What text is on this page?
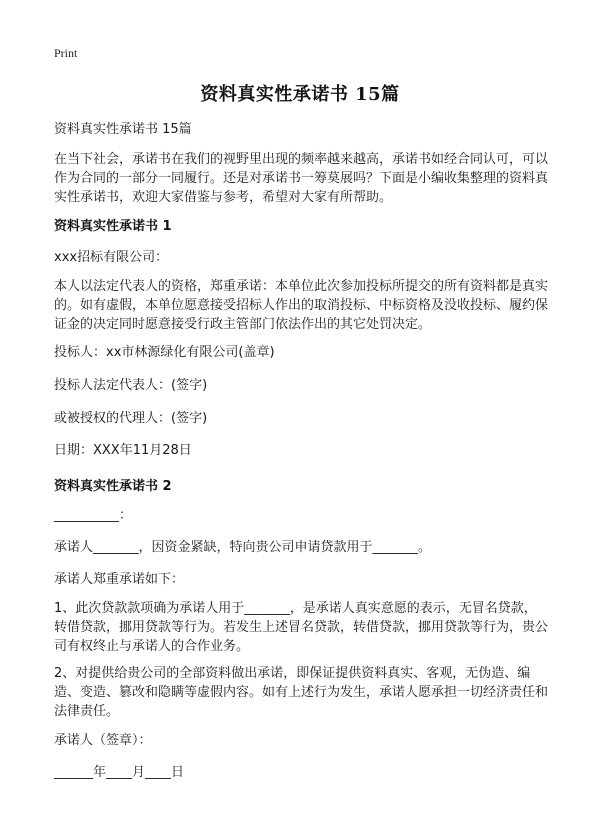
Print
资料真实性承诺书 15篇
资料真实性承诺书 15篇
在当下社会，承诺书在我们的视野里出现的频率越来越高，承诺书如经合同认可，可以作为合同的一部分一同履行。还是对承诺书一筹莫展吗？下面是小编收集整理的资料真实性承诺书，欢迎大家借鉴与参考，希望对大家有所帮助。
资料真实性承诺书 1
xxx招标有限公司：
本人以法定代表人的资格，郑重承诺：本单位此次参加投标所提交的所有资料都是真实的。如有虚假，本单位愿意接受招标人作出的取消投标、中标资格及没收投标、履约保证金的决定同时愿意接受行政主管部门依法作出的其它处罚决定。
投标人：xx市林源绿化有限公司(盖章)
投标人法定代表人：(签字)
或被授权的代理人：(签字)
日期：XXX年11月28日
资料真实性承诺书 2
__________：
承诺人_______，因资金紧缺，特向贵公司申请贷款用于_______。
承诺人郑重承诺如下：
1、此次贷款款项确为承诺人用于_______，是承诺人真实意愿的表示，无冒名贷款，转借贷款，挪用贷款等行为。若发生上述冒名贷款，转借贷款，挪用贷款等行为，贵公司有权终止与承诺人的合作业务。
2、对提供给贵公司的全部资料做出承诺，即保证提供资料真实、客观，无伪造、编造、变造、篡改和隐瞒等虚假内容。如有上述行为发生，承诺人愿承担一切经济责任和法律责任。
承诺人（签章）：
______年____月____日
